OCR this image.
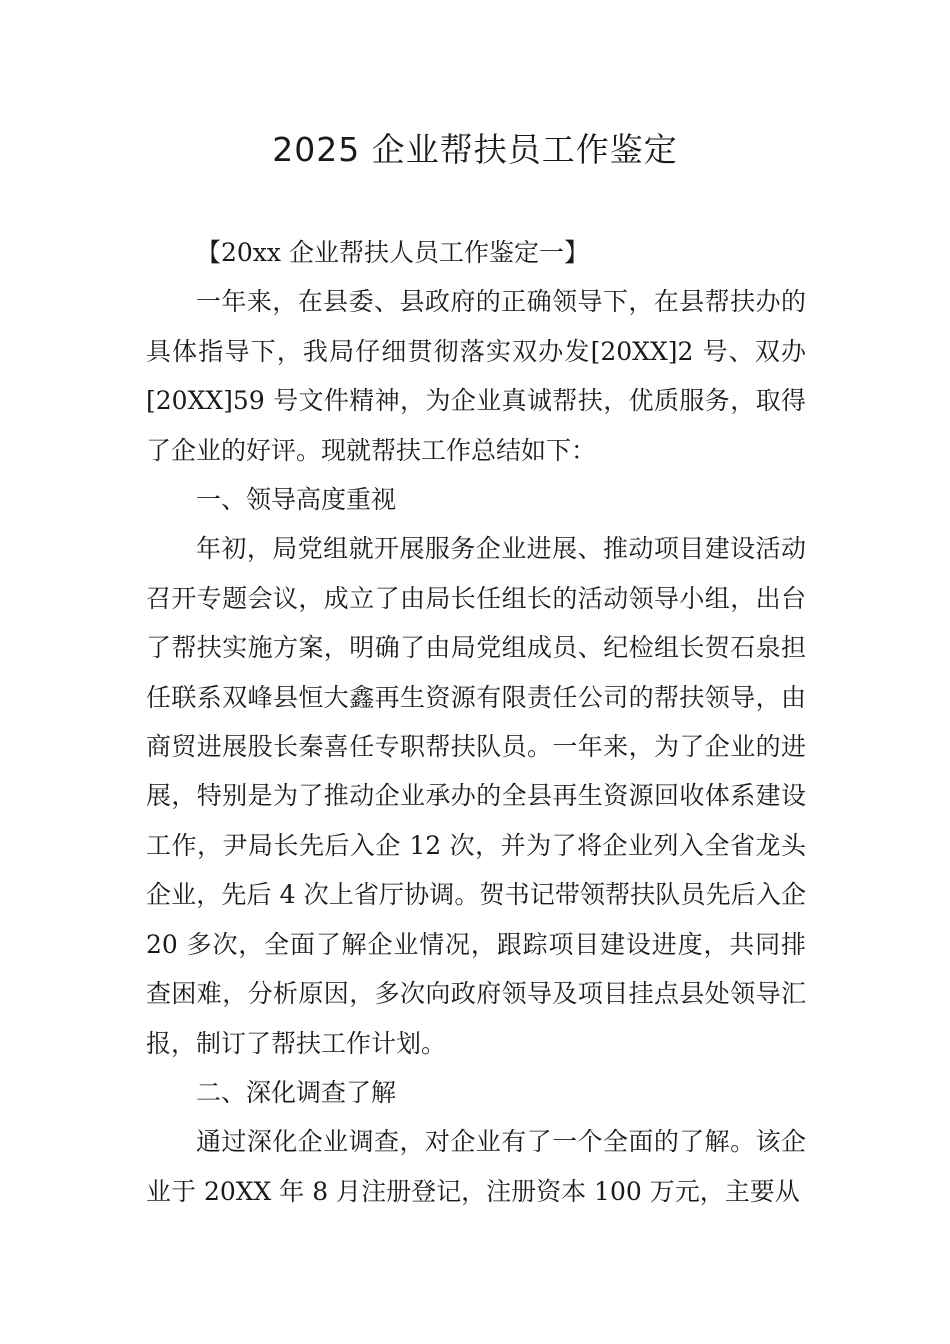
2025 企业帮扶员工作鉴定

【20xx 企业帮扶人员工作鉴定一】

一年来，在县委、县政府的正确领导下，在县帮扶办的具体指导下，我局仔细贯彻落实双办发[20XX]2 号、双办[20XX]59 号文件精神，为企业真诚帮扶，优质服务，取得了企业的好评。现就帮扶工作总结如下：

一、领导高度重视

年初，局党组就开展服务企业进展、推动项目建设活动召开专题会议，成立了由局长任组长的活动领导小组，出台了帮扶实施方案，明确了由局党组成员、纪检组长贺石泉担任联系双峰县恒大鑫再生资源有限责任公司的帮扶领导，由商贸进展股长秦喜任专职帮扶队员。一年来，为了企业的进展，特别是为了推动企业承办的全县再生资源回收体系建设工作，尹局长先后入企 12 次，并为了将企业列入全省龙头企业，先后 4 次上省厅协调。贺书记带领帮扶队员先后入企 20 多次，全面了解企业情况，跟踪项目建设进度，共同排查困难，分析原因，多次向政府领导及项目挂点县处领导汇报，制订了帮扶工作计划。

二、深化调查了解

通过深化企业调查，对企业有了一个全面的了解。该企业于 20XX 年 8 月注册登记，注册资本 100 万元，主要从
